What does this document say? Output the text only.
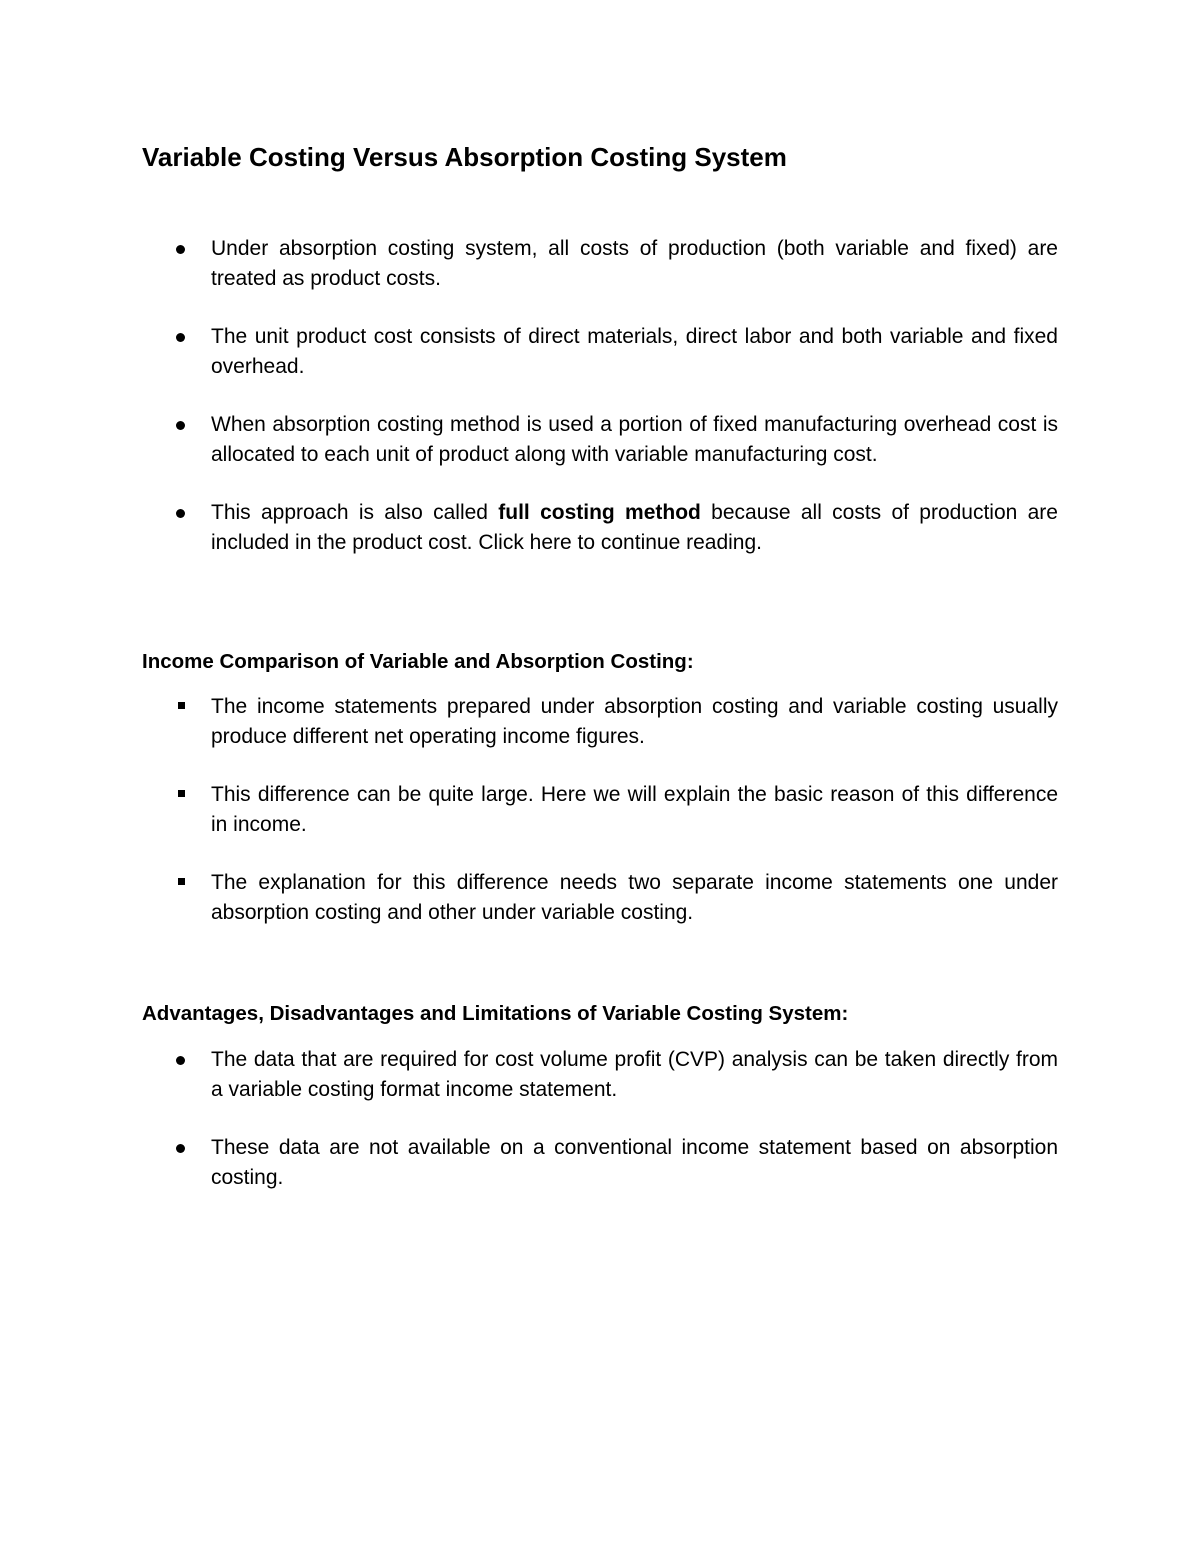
Variable Costing Versus Absorption Costing System
Under absorption costing system, all costs of production (both variable and fixed) are treated as product costs.
The unit product cost consists of direct materials, direct labor and both variable and fixed overhead.
When absorption costing method is used a portion of fixed manufacturing overhead cost is allocated to each unit of product along with variable manufacturing cost.
This approach is also called full costing method because all costs of production are included in the product cost. Click here to continue reading.
Income Comparison of Variable and Absorption Costing:
The income statements prepared under absorption costing and variable costing usually produce different net operating income figures.
This difference can be quite large. Here we will explain the basic reason of this difference in income.
The explanation for this difference needs two separate income statements one under absorption costing and other under variable costing.
Advantages, Disadvantages and Limitations of Variable Costing System:
The data that are required for cost volume profit (CVP) analysis can be taken directly from a variable costing format income statement.
These data are not available on a conventional income statement based on absorption costing.
